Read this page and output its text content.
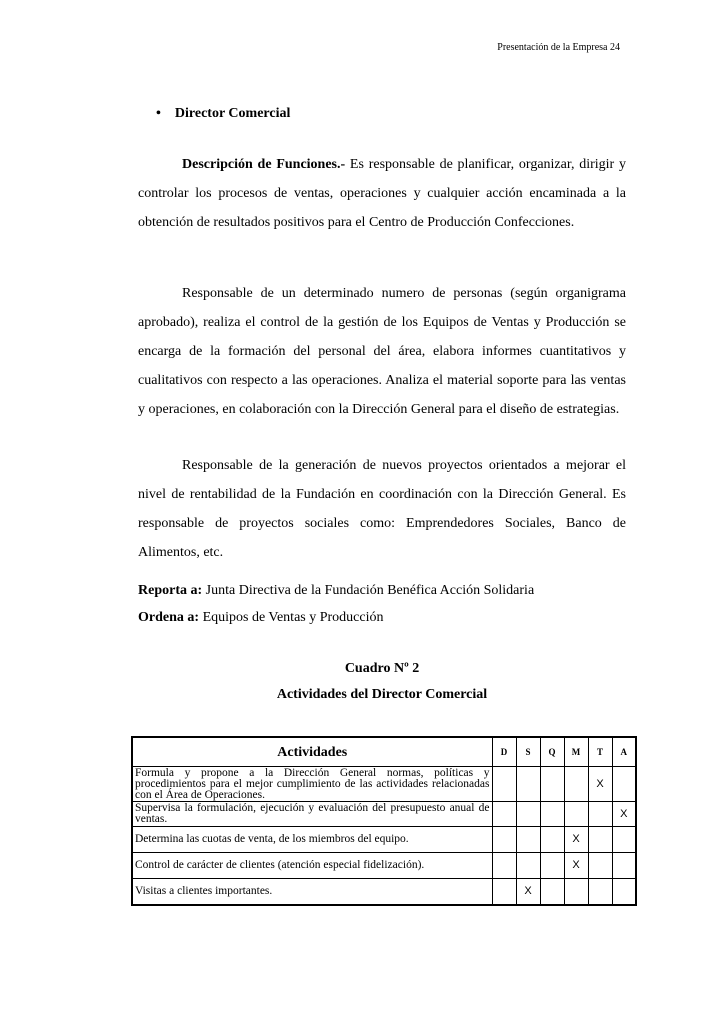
Presentación de la Empresa 24
• Director Comercial

Descripción de Funciones.- Es responsable de planificar, organizar, dirigir y controlar los procesos de ventas, operaciones y cualquier acción encaminada a la obtención de resultados positivos para el Centro de Producción Confecciones.

Responsable de un determinado numero de personas (según organigrama aprobado), realiza el control de la gestión de los Equipos de Ventas y Producción se encarga de la formación del personal del área, elabora informes cuantitativos y cualitativos con respecto a las operaciones. Analiza el material soporte para las ventas y operaciones, en colaboración con la Dirección General para el diseño de estrategias.

Responsable de la generación de nuevos proyectos orientados a mejorar el nivel de rentabilidad de la Fundación en coordinación con la Dirección General. Es responsable de proyectos sociales como: Emprendedores Sociales, Banco de Alimentos, etc.

Reporta a: Junta Directiva de la Fundación Benéfica Acción Solidaria
Ordena a: Equipos de Ventas y Producción
Cuadro Nº 2
Actividades del Director Comercial
Actividades	D	S	Q	M	T	A
Formula y propone a la Dirección General normas, políticas y procedimientos para el mejor cumplimiento de las actividades relacionadas con el Área de Operaciones.					X	
Supervisa la formulación, ejecución y evaluación del presupuesto anual de ventas.						X
Determina las cuotas de venta, de los miembros del equipo.				X		
Control de carácter de clientes (atención especial fidelización).				X		
Visitas a clientes importantes.		X				
